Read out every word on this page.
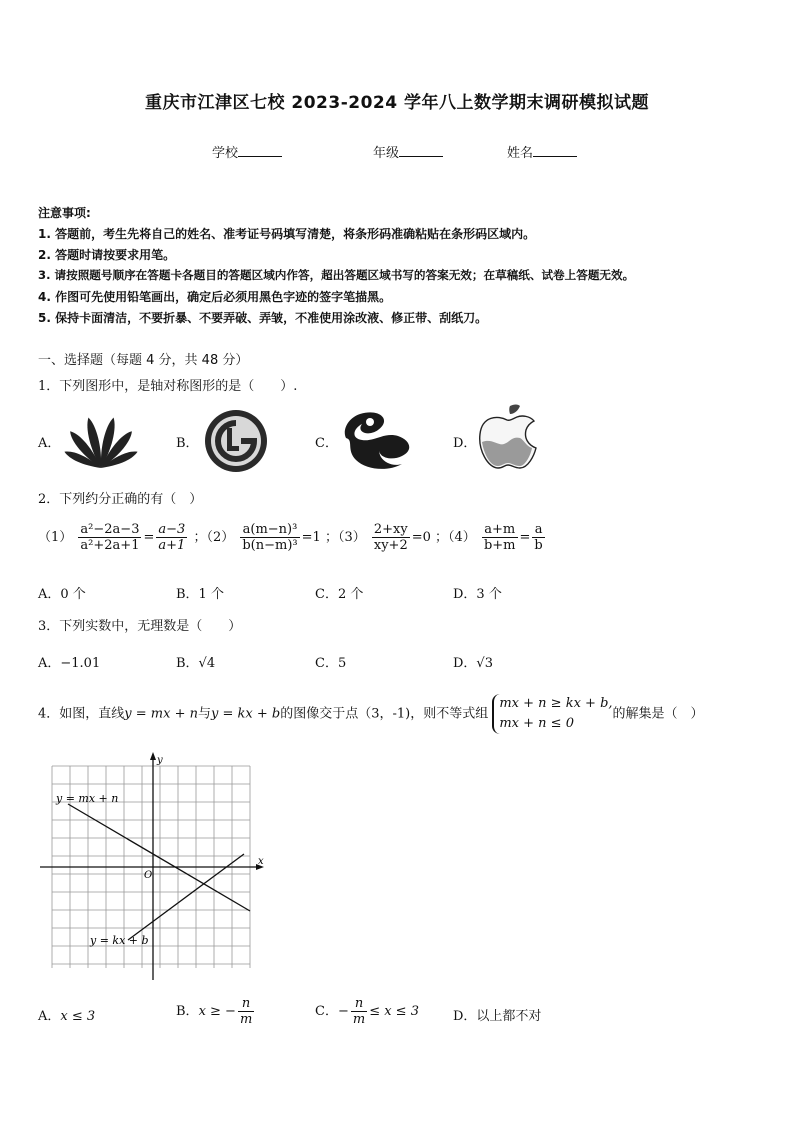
重庆市江津区七校 2023-2024 学年八上数学期末调研模拟试题
学校	年级	姓名
注意事项:
1. 答题前，考生先将自己的姓名、准考证号码填写清楚，将条形码准确粘贴在条形码区域内。
2. 答题时请按要求用笔。
3. 请按照题号顺序在答题卡各题目的答题区域内作答，超出答题区域书写的答案无效；在草稿纸、试卷上答题无效。
4. 作图可先使用铅笔画出，确定后必须用黑色字迹的签字笔描黑。
5. 保持卡面清洁，不要折暴、不要弄破、弄皱，不准使用涂改液、修正带、刮纸刀。
一、选择题（每题 4 分，共 48 分）
1．下列图形中，是轴对称图形的是（　　）.
A．	B．	C．	D．
2．下列约分正确的有（　）
$(1) \frac{\text{a²−2a−3}}{\text{a²+2a+1}} = \frac{a-3}{a+1}$ ；$(2) \frac{\text{a(m−n)³}}{\text{b(n−m)³}} =1$ ；$(3) \frac{2+xy}{xy+2} =0$ ；$(4) \frac{a+m}{b+m} = \frac{a}{b}$
A．0 个	B．1 个	C．2 个	D．3 个
3．下列实数中，无理数是（　　）
A．−1.01	B．√4	C．5	D．√3
4．如图，直线y = mx + n与y = kx + b的图像交于点（3，-1)，则不等式组
mx + n ≥ kx + b,
mx + n ≤ 0
的解集是（　）
y
x
O
y = mx + n
y = kx + b
A．x ≤ 3	B．x ≥ − $\frac{n}{m}$	C．− $\frac{n}{m} \le x \le 3$	D．以上都不对
